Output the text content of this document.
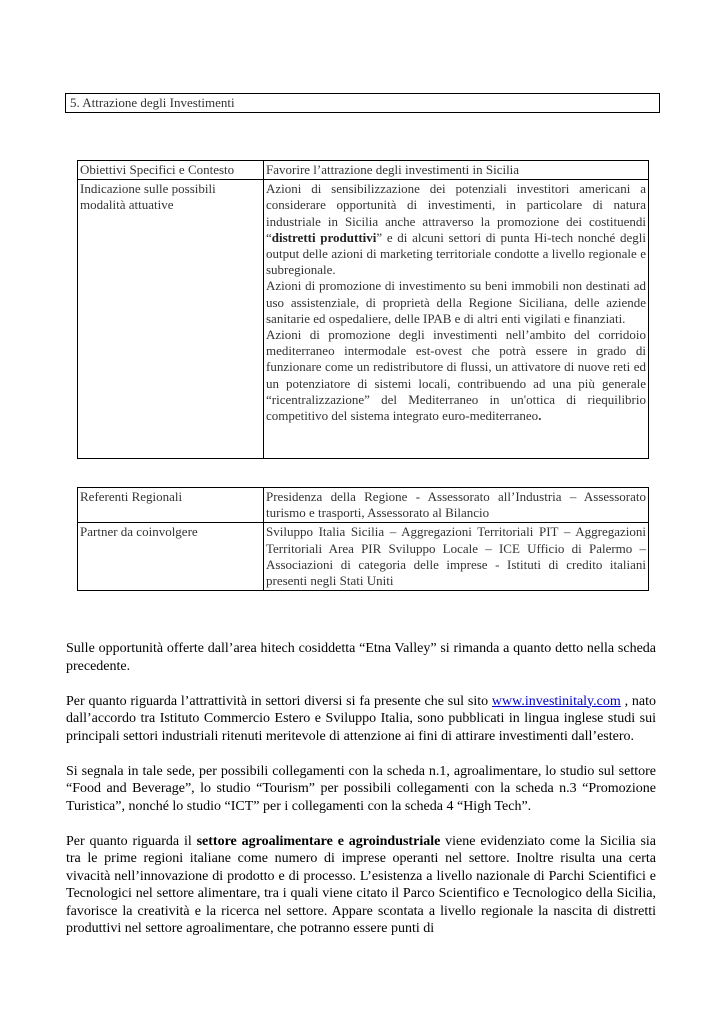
5. Attrazione degli Investimenti
Obiettivi Specifici e Contesto	Favorire l’attrazione degli investimenti in Sicilia
Indicazione sulle possibili modalità attuative	Azioni di sensibilizzazione dei potenziali investitori americani a considerare opportunità di investimenti, in particolare di natura industriale in Sicilia anche attraverso la promozione dei costituendi “distretti produttivi” e di alcuni settori di punta Hi-tech nonché degli output delle azioni di marketing territoriale condotte a livello regionale e subregionale.

Azioni di promozione di investimento su beni immobili non destinati ad uso assistenziale, di proprietà della Regione Siciliana, delle aziende sanitarie ed ospedaliere, delle IPAB e di altri enti vigilati e finanziati.

Azioni di promozione degli investimenti nell’ambito del corridoio mediterraneo intermodale est-ovest che potrà essere in grado di funzionare come un redistributore di flussi, un attivatore di nuove reti ed un potenziatore di sistemi locali, contribuendo ad una più generale “ricentralizzazione” del Mediterraneo in un'ottica di riequilibrio competitivo del sistema integrato euro-mediterraneo.

Referenti Regionali	Presidenza della Regione - Assessorato all’Industria – Assessorato turismo e trasporti, Assessorato al Bilancio
Partner da coinvolgere	Sviluppo Italia Sicilia – Aggregazioni Territoriali PIT – Aggregazioni Territoriali Area PIR Sviluppo Locale – ICE Ufficio di Palermo – Associazioni di categoria delle imprese - Istituti di credito italiani presenti negli Stati Uniti

Sulle opportunità offerte dall’area hitech cosiddetta “Etna Valley” si rimanda a quanto detto nella scheda precedente.

Per quanto riguarda l’attrattività in settori diversi si fa presente che sul sito www.investinitaly.com , nato dall’accordo tra Istituto Commercio Estero e Sviluppo Italia, sono pubblicati in lingua inglese studi sui principali settori industriali ritenuti meritevole di attenzione ai fini di attirare investimenti dall’estero.

Si segnala in tale sede, per possibili collegamenti con la scheda n.1, agroalimentare, lo studio sul settore “Food and Beverage”, lo studio “Tourism” per possibili collegamenti con la scheda n.3 “Promozione Turistica”, nonché lo studio “ICT” per i collegamenti con la scheda 4 “High Tech”.

Per quanto riguarda il settore agroalimentare e agroindustriale viene evidenziato come la Sicilia sia tra le prime regioni italiane come numero di imprese operanti nel settore. Inoltre risulta una certa vivacità nell’innovazione di prodotto e di processo. L’esistenza a livello nazionale di Parchi Scientifici e Tecnologici nel settore alimentare, tra i quali viene citato il Parco Scientifico e Tecnologico della Sicilia, favorisce la creatività e la ricerca nel settore. Appare scontata a livello regionale la nascita di distretti produttivi nel settore agroalimentare, che potranno essere punti di
